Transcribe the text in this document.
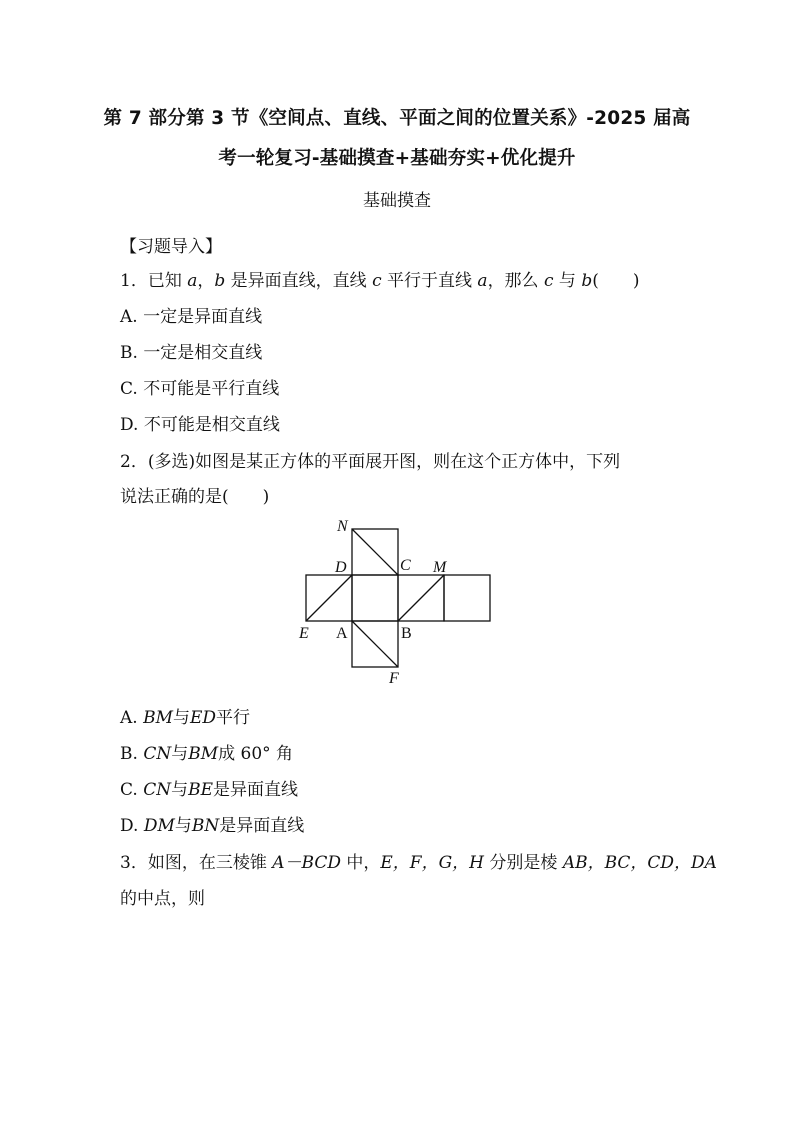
第 7 部分第 3 节《空间点、直线、平面之间的位置关系》-2025 届高
考一轮复习-基础摸查+基础夯实+优化提升
基础摸查
【习题导入】
1．已知 a，b 是异面直线，直线 c 平行于直线 a，那么 c 与 b(　　)
A. 一定是异面直线
B. 一定是相交直线
C. 不可能是平行直线
D. 不可能是相交直线
2．(多选)如图是某正方体的平面展开图，则在这个正方体中，下列
说法正确的是(　　)
N
D	C M
E A	B
F
A. BM与ED平行
B. CN与BM成 60° 角
C. CN与BE是异面直线
D. DM与BN是异面直线
3．如图，在三棱锥 A－BCD 中，E，F，G，H 分别是棱 AB，BC，CD，DA
的中点，则
